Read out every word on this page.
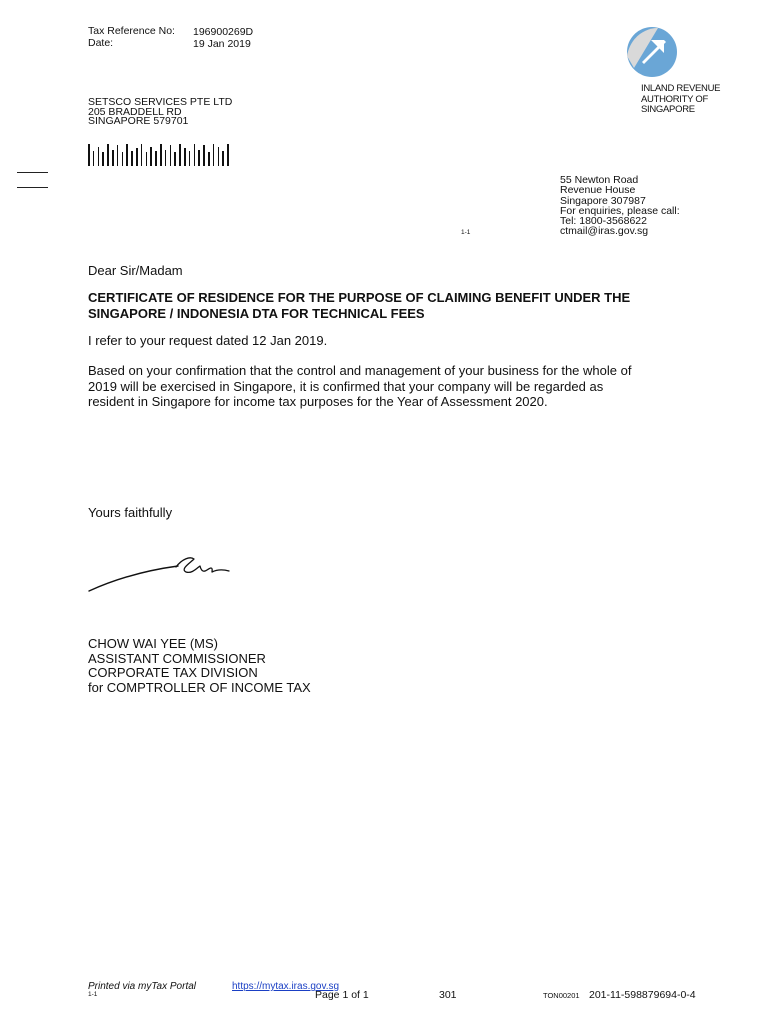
Tax Reference No: 196900269D
Date:	19 Jan 2019
INLAND REVENUE
AUTHORITY OF
SINGAPORE
SETSCO SERVICES PTE LTD
205 BRADDELL RD
SINGAPORE 579701
55 Newton Road
Revenue House
Singapore 307987
For enquiries, please call:
Tel: 1800-3568622
ctmail@iras.gov.sg
1-1
Dear Sir/Madam
CERTIFICATE OF RESIDENCE FOR THE PURPOSE OF CLAIMING BENEFIT UNDER THE
SINGAPORE / INDONESIA DTA FOR TECHNICAL FEES
I refer to your request dated 12 Jan 2019.
Based on your confirmation that the control and management of your business for the whole of
2019 will be exercised in Singapore, it is confirmed that your company will be regarded as
resident in Singapore for income tax purposes for the Year of Assessment 2020.
Yours faithfully
CHOW WAI YEE (MS)
ASSISTANT COMMISSIONER
CORPORATE TAX DIVISION
for COMPTROLLER OF INCOME TAX
Printed via myTax Portal	https://mytax.iras.gov.sg
1-1	Page 1 of 1	301	TON00201 201-11-598879694-0-4
